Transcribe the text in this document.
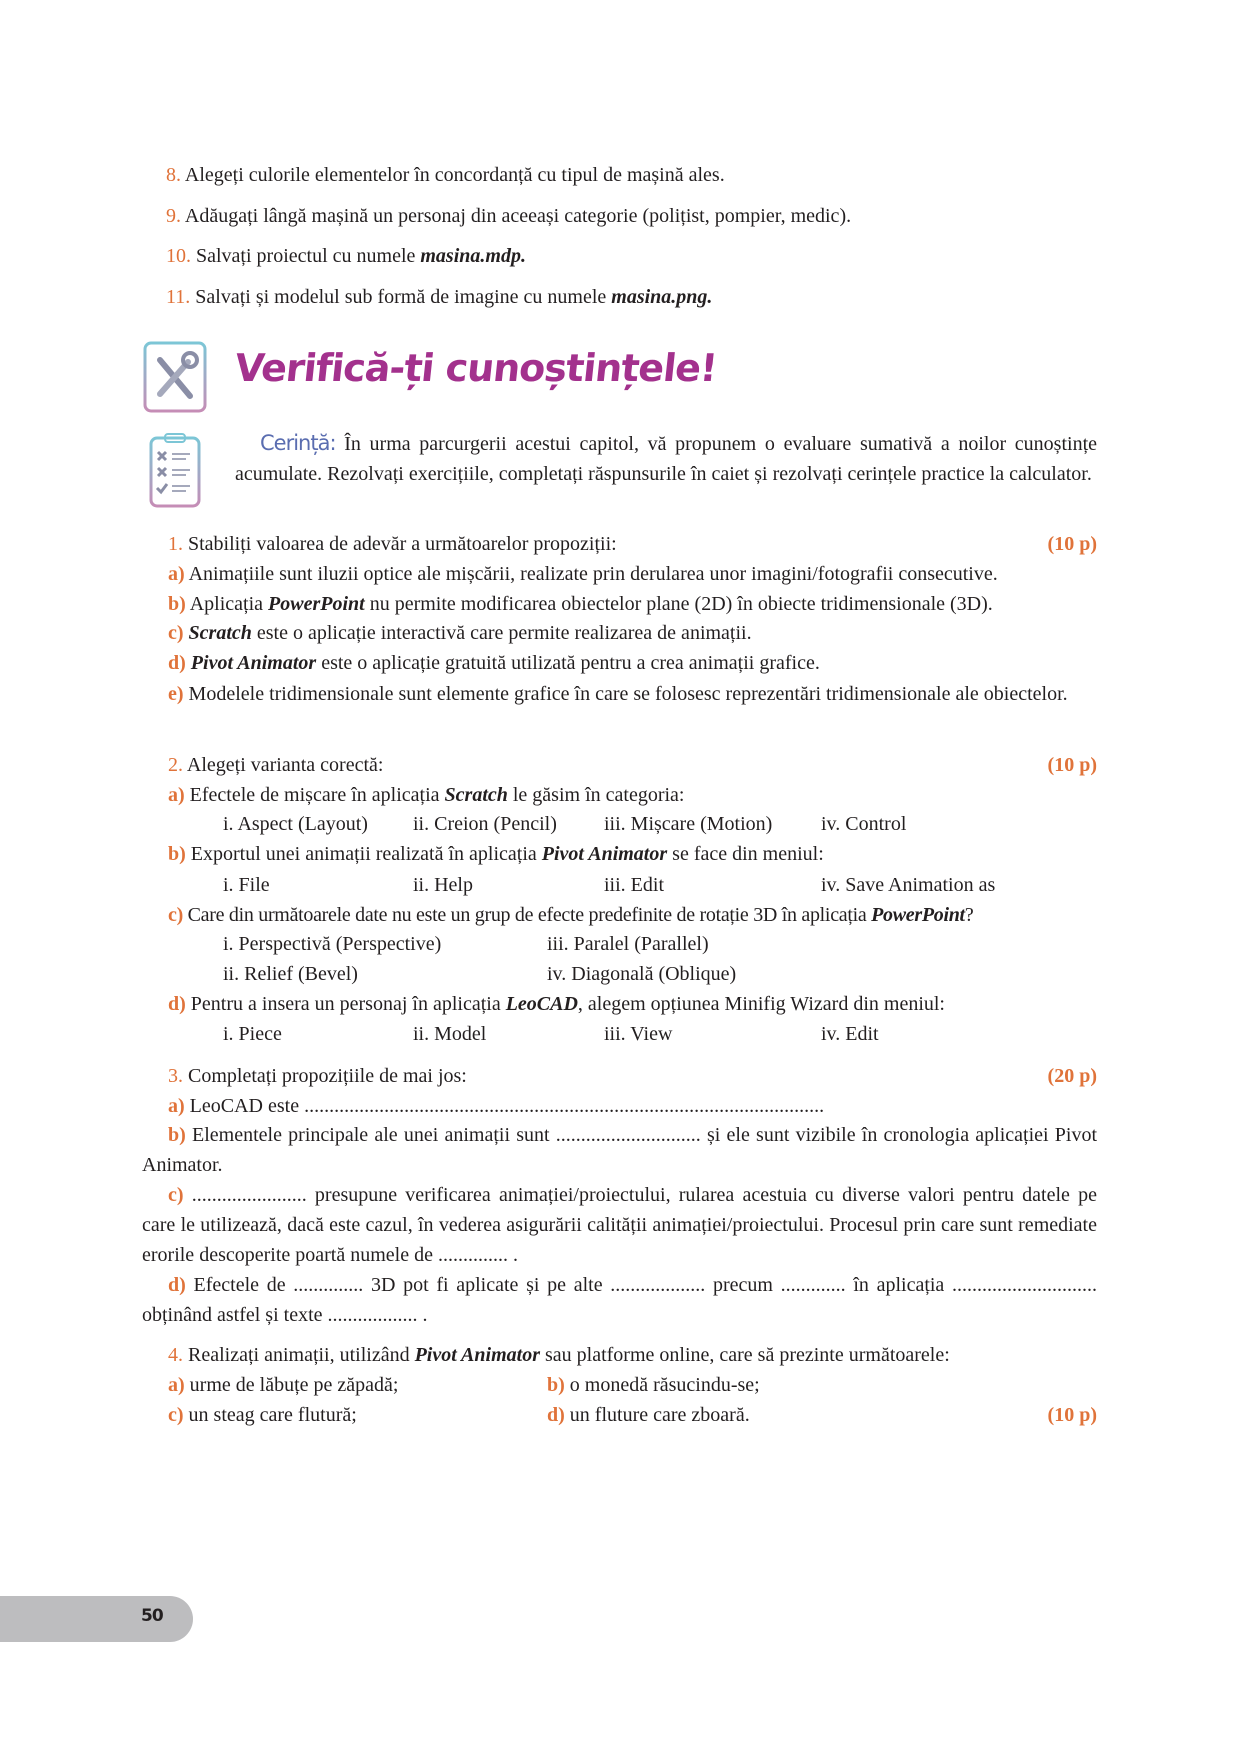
8. Alegeți culorile elementelor în concordanță cu tipul de mașină ales.
9. Adăugați lângă mașină un personaj din aceeași categorie (polițist, pompier, medic).
10. Salvați proiectul cu numele masina.mdp.
11. Salvați și modelul sub formă de imagine cu numele masina.png.
Verifică-ți cunoștințele!
Cerință: În urma parcurgerii acestui capitol, vă propunem o evaluare sumativă a noilor cunoștințe acumulate. Rezolvați exercițiile, completați răspunsurile în caiet și rezolvați cerințele practice la calculator.
1. Stabiliți valoarea de adevăr a următoarelor propoziții:	(10 p)
a) Animațiile sunt iluzii optice ale mișcării, realizate prin derularea unor imagini/fotografii consecutive.
b) Aplicația PowerPoint nu permite modificarea obiectelor plane (2D) în obiecte tridimensionale (3D).
c) Scratch este o aplicație interactivă care permite realizarea de animații.
d) Pivot Animator este o aplicație gratuită utilizată pentru a crea animații grafice.
e) Modelele tridimensionale sunt elemente grafice în care se folosesc reprezentări tridimensionale ale obiectelor.
2. Alegeți varianta corectă:	(10 p)
a) Efectele de mișcare în aplicația Scratch le găsim în categoria:
i. Aspect (Layout) ii. Creion (Pencil) iii. Mișcare (Motion) iv. Control
b) Exportul unei animații realizată în aplicația Pivot Animator se face din meniul:
i. File	ii. Help	iii. Edit	iv. Save Animation as
c) Care din următoarele date nu este un grup de efecte predefinite de rotație 3D în aplicația PowerPoint?
i. Perspectivă (Perspective)	iii. Paralel (Parallel)
ii. Relief (Bevel)	iv. Diagonală (Oblique)
d) Pentru a insera un personaj în aplicația LeoCAD, alegem opțiunea Minifig Wizard din meniul:
i. Piece	ii. Model	iii. View	iv. Edit
3. Completați propozițiile de mai jos:	(20 p)
a) LeoCAD este ........................................................................................................
b) Elementele principale ale unei animații sunt ............................. și ele sunt vizibile în cronologia aplicației Pivot Animator.
c) ....................... presupune verificarea animației/proiectului, rularea acestuia cu diverse valori pentru datele pe care le utilizează, dacă este cazul, în vederea asigurării calității animației/proiectului. Procesul prin care sunt remediate erorile descoperite poartă numele de .............. .
d) Efectele de .............. 3D pot fi aplicate și pe alte ................... precum ............. în aplicația ............................. obținând astfel și texte .................. .
4. Realizați animații, utilizând Pivot Animator sau platforme online, care să prezinte următoarele:
a) urme de lăbuțe pe zăpadă;	b) o monedă răsucindu-se;
c) un steag care flutură;	d) un fluture care zboară.	(10 p)
50
